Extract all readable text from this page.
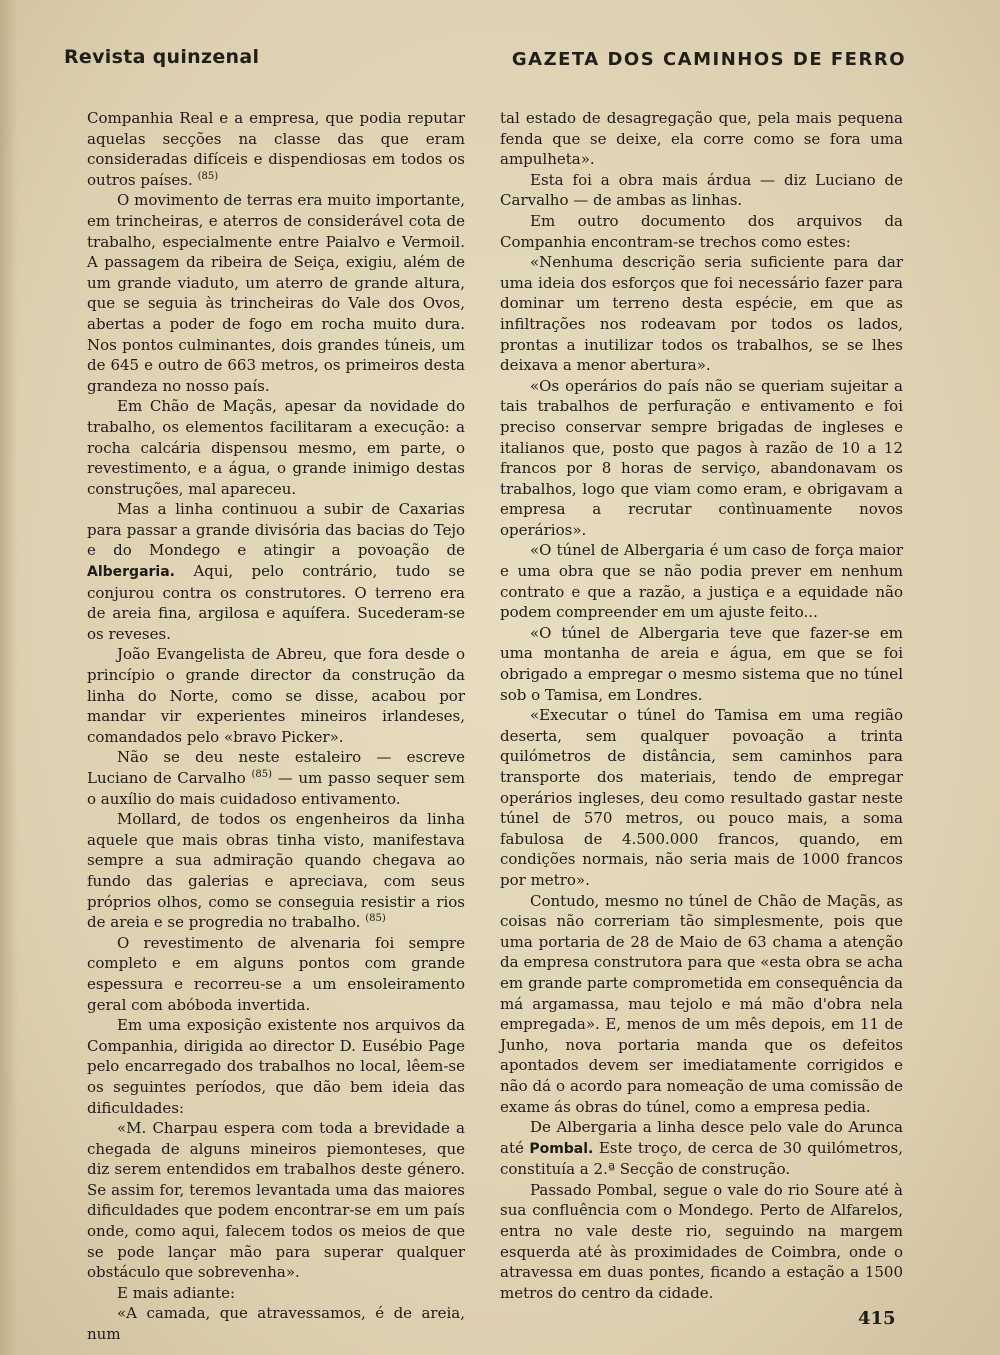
Revista quinzenal	GAZETA DOS CAMINHOS DE FERRO

Companhia Real e a empresa, que podia reputar aquelas secções na classe das que eram consideradas difíceis e dispendiosas em todos os outros países. $^{(85)}$

O movimento de terras era muito importante, em trincheiras, e aterros de considerável cota de trabalho, especialmente entre Paialvo e Vermoil. A passagem da ribeira de Seiça, exigiu, além de um grande viaduto, um aterro de grande altura, que se seguia às trincheiras do Vale dos Ovos, abertas a poder de fogo em rocha muito dura. Nos pontos culminantes, dois grandes túneis, um de 645 e outro de 663 metros, os primeiros desta grandeza no nosso país.

Em Chão de Maçãs, apesar da novidade do trabalho, os elementos facilitaram a execução: a rocha calcária dispensou mesmo, em parte, o revestimento, e a água, o grande inimigo destas construções, mal apareceu.

Mas a linha continuou a subir de Caxarias para passar a grande divisória das bacias do Tejo e do Mondego e atingir a povoação de Albergaria. Aqui, pelo contrário, tudo se conjurou contra os construtores. O terreno era de areia fina, argilosa e aquífera. Sucederam-se os reveses.

João Evangelista de Abreu, que fora desde o princípio o grande director da construção da linha do Norte, como se disse, acabou por mandar vir experientes mineiros irlandeses, comandados pelo «bravo Picker».

Não se deu neste estaleiro — escreve Luciano de Carvalho $^{(85)}$ — um passo sequer sem o auxílio do mais cuidadoso entivamento.

Mollard, de todos os engenheiros da linha aquele que mais obras tinha visto, manifestava sempre a sua admiração quando chegava ao fundo das galerias e apreciava, com seus próprios olhos, como se conseguia resistir a rios de areia e se progredia no trabalho. $^{(85)}$

O revestimento de alvenaria foi sempre completo e em alguns pontos com grande espessura e recorreu-se a um ensoleiramento geral com abóboda invertida.

Em uma exposição existente nos arquivos da Companhia, dirigida ao director D. Eusébio Page pelo encarregado dos trabalhos no local, lêem-se os seguintes períodos, que dão bem ideia das dificuldades:

«M. Charpau espera com toda a brevidade a chegada de alguns mineiros piemonteses, que diz serem entendidos em trabalhos deste género. Se assim for, teremos levantada uma das maiores dificuldades que podem encontrar-se em um país onde, como aqui, falecem todos os meios de que se pode lançar mão para superar qualquer obstáculo que sobrevenha».

E mais adiante:

«A camada, que atravessamos, é de areia, num

tal estado de desagregação que, pela mais pequena fenda que se deixe, ela corre como se fora uma ampulheta».

Esta foi a obra mais árdua — diz Luciano de Carvalho — de ambas as linhas.

Em outro documento dos arquivos da Companhia encontram-se trechos como estes:

«Nenhuma descrição seria suficiente para dar uma ideia dos esforços que foi necessário fazer para dominar um terreno desta espécie, em que as infiltrações nos rodeavam por todos os lados, prontas a inutilizar todos os trabalhos, se se lhes deixava a menor abertura».

«Os operários do país não se queriam sujeitar a tais trabalhos de perfuração e entivamento e foi preciso conservar sempre brigadas de ingleses e italianos que, posto que pagos à razão de 10 a 12 francos por 8 horas de serviço, abandonavam os trabalhos, logo que viam como eram, e obrigavam a empresa a recrutar contìnuamente novos operários».

«O túnel de Albergaria é um caso de força maior e uma obra que se não podia prever em nenhum contrato e que a razão, a justiça e a equidade não podem compreender em um ajuste feito...

«O túnel de Albergaria teve que fazer-se em uma montanha de areia e água, em que se foi obrigado a empregar o mesmo sistema que no túnel sob o Tamisa, em Londres.

«Executar o túnel do Tamisa em uma região deserta, sem qualquer povoação a trinta quilómetros de distância, sem caminhos para transporte dos materiais, tendo de empregar operários ingleses, deu como resultado gastar neste túnel de 570 metros, ou pouco mais, a soma fabulosa de 4.500.000 francos, quando, em condições normais, não seria mais de 1000 francos por metro».

Contudo, mesmo no túnel de Chão de Maçãs, as coisas não correriam tão simplesmente, pois que uma portaria de 28 de Maio de 63 chama a atenção da empresa construtora para que «esta obra se acha em grande parte comprometida em consequência da má argamassa, mau tejolo e má mão d'obra nela empregada». E, menos de um mês depois, em 11 de Junho, nova portaria manda que os defeitos apontados devem ser imediatamente corrigidos e não dá o acordo para nomeação de uma comissão de exame ás obras do túnel, como a empresa pedia.

De Albergaria a linha desce pelo vale do Arunca até Pombal. Este troço, de cerca de 30 quilómetros, constituía a 2.ª Secção de construção.

Passado Pombal, segue o vale do rio Soure até à sua confluência com o Mondego. Perto de Alfarelos, entra no vale deste rio, seguindo na margem esquerda até às proximidades de Coimbra, onde o atravessa em duas pontes, ficando a estação a 1500 metros do centro da cidade.

415
